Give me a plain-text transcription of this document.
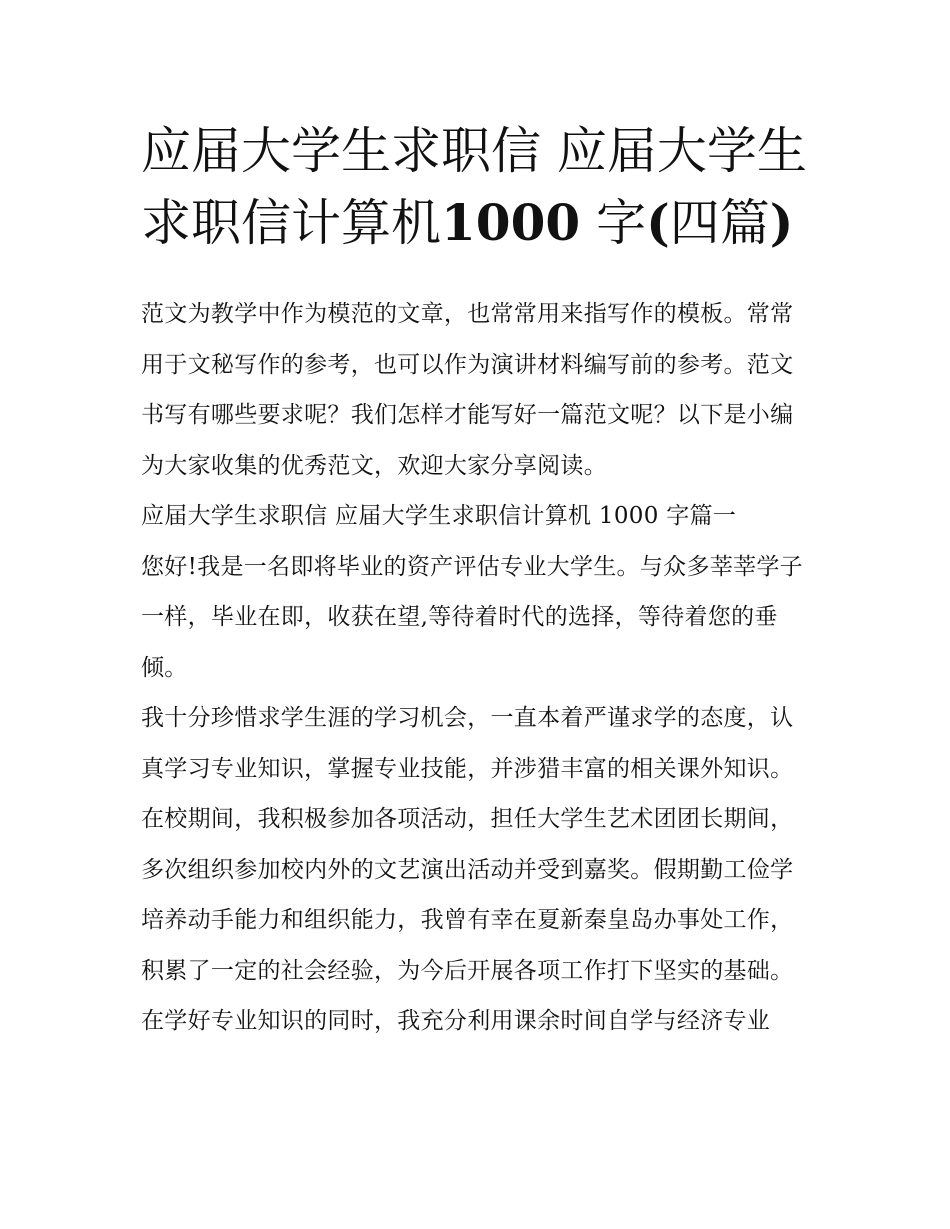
应届大学生求职信 应届大学生求职信计算机1000 字(四篇)

范文为教学中作为模范的文章，也常常用来指写作的模板。常常用于文秘写作的参考，也可以作为演讲材料编写前的参考。范文书写有哪些要求呢？我们怎样才能写好一篇范文呢？以下是小编为大家收集的优秀范文，欢迎大家分享阅读。

应届大学生求职信 应届大学生求职信计算机 1000 字篇一

您好!我是一名即将毕业的资产评估专业大学生。与众多莘莘学子一样，毕业在即，收获在望,等待着时代的选择，等待着您的垂倾。

我十分珍惜求学生涯的学习机会，一直本着严谨求学的态度，认真学习专业知识，掌握专业技能，并涉猎丰富的相关课外知识。在校期间，我积极参加各项活动，担任大学生艺术团团长期间，多次组织参加校内外的文艺演出活动并受到嘉奖。假期勤工俭学培养动手能力和组织能力，我曾有幸在夏新秦皇岛办事处工作，积累了一定的社会经验，为今后开展各项工作打下坚实的基础。

在学好专业知识的同时，我充分利用课余时间自学与经济专业
